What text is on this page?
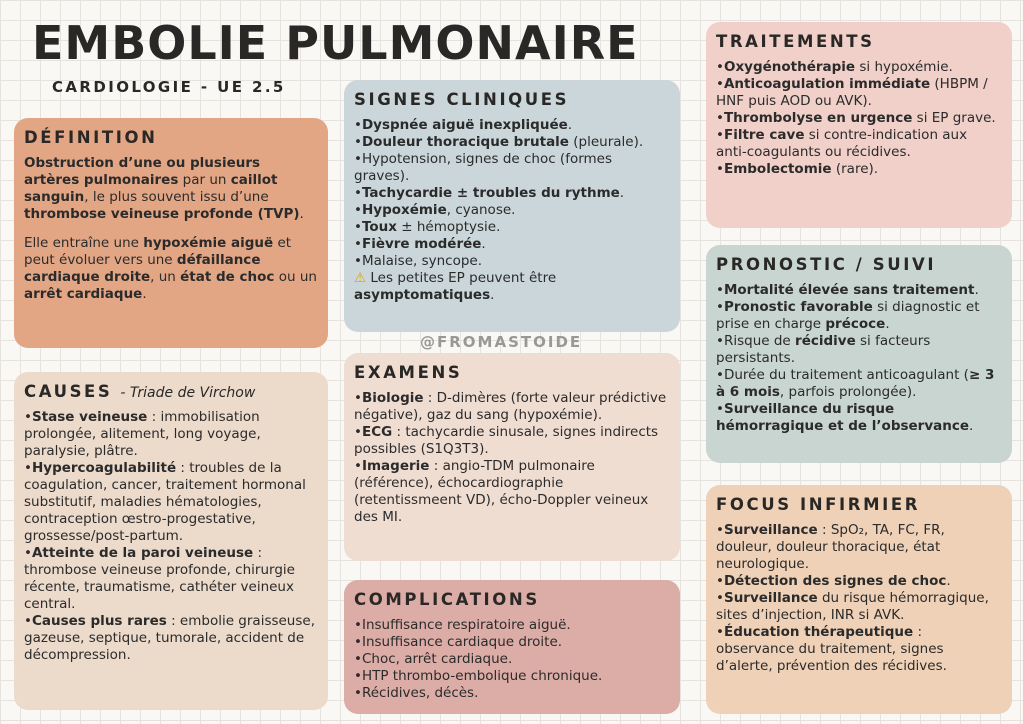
EMBOLIE PULMONAIRE
CARDIOLOGIE - UE 2.5
@FROMASTOIDE
DÉFINITION

Obstruction d’une ou plusieurs artères pulmonaires par un caillot sanguin, le plus souvent issu d’une thrombose veineuse profonde (TVP).

Elle entraîne une hypoxémie aiguë et peut évoluer vers une défaillance cardiaque droite, un état de choc ou un arrêt cardiaque.

CAUSES - Triade de Virchow
• Stase veineuse : immobilisation prolongée, alitement, long voyage, paralysie, plâtre.
• Hypercoagulabilité : troubles de la coagulation, cancer, traitement hormonal substitutif, maladies hématologies, contraception œstro-progestative, grossesse/post-partum.
• Atteinte de la paroi veineuse : thrombose veineuse profonde, chirurgie récente, traumatisme, cathéter veineux central.
• Causes plus rares : embolie graisseuse, gazeuse, septique, tumorale, accident de décompression.
SIGNES CLINIQUES
• Dyspnée aiguë inexpliquée.
• Douleur thoracique brutale (pleurale).
• Hypotension, signes de choc (formes graves).
• Tachycardie ± troubles du rythme.
• Hypoxémie, cyanose.
• Toux ± hémoptysie.
• Fièvre modérée.
• Malaise, syncope.
⚠ Les petites EP peuvent être asymptomatiques.
EXAMENS
• Biologie : D-dimères (forte valeur prédictive négative), gaz du sang (hypoxémie).
• ECG : tachycardie sinusale, signes indirects possibles (S1Q3T3).
• Imagerie : angio-TDM pulmonaire (référence), échocardiographie (retentissmeent VD), écho-Doppler veineux des MI.
COMPLICATIONS
• Insuffisance respiratoire aiguë.
• Insuffisance cardiaque droite.
• Choc, arrêt cardiaque.
• HTP thrombo-embolique chronique.
• Récidives, décès.
TRAITEMENTS
• Oxygénothérapie si hypoxémie.
• Anticoagulation immédiate (HBPM / HNF puis AOD ou AVK).
• Thrombolyse en urgence si EP grave.
• Filtre cave si contre-indication aux anti-coagulants ou récidives.
• Embolectomie (rare).
PRONOSTIC / SUIVI
• Mortalité élevée sans traitement.
• Pronostic favorable si diagnostic et prise en charge précoce.
• Risque de récidive si facteurs persistants.
• Durée du traitement anticoagulant (≥ 3 à 6 mois, parfois prolongée).
• Surveillance du risque hémorragique et de l’observance.
FOCUS INFIRMIER
• Surveillance : SpO₂, TA, FC, FR, douleur, douleur thoracique, état neurologique.
• Détection des signes de choc.
• Surveillance du risque hémorragique, sites d’injection, INR si AVK.
• Éducation thérapeutique : observance du traitement, signes d’alerte, prévention des récidives.
